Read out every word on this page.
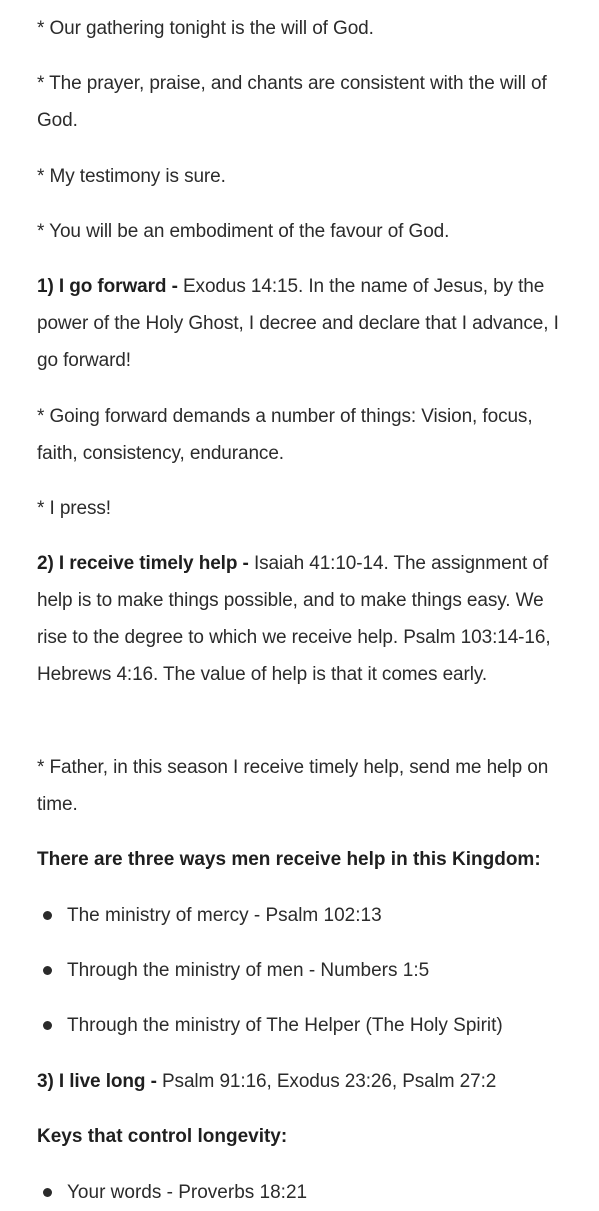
* Our gathering tonight is the will of God.

* The prayer, praise, and chants are consistent with the will of God.

* My testimony is sure.

* You will be an embodiment of the favour of God.

1) I go forward - Exodus 14:15. In the name of Jesus, by the power of the Holy Ghost, I decree and declare that I advance, I go forward!

* Going forward demands a number of things: Vision, focus, faith, consistency, endurance.

* I press!

2) I receive timely help - Isaiah 41:10-14. The assignment of help is to make things possible, and to make things easy. We rise to the degree to which we receive help. Psalm 103:14-16, Hebrews 4:16. The value of help is that it comes early.

* Father, in this season I receive timely help, send me help on time.

There are three ways men receive help in this Kingdom:

The ministry of mercy - Psalm 102:13
Through the ministry of men - Numbers 1:5
Through the ministry of The Helper (The Holy Spirit)

3) I live long - Psalm 91:16, Exodus 23:26, Psalm 27:2

Keys that control longevity:

Your words - Proverbs 18:21
